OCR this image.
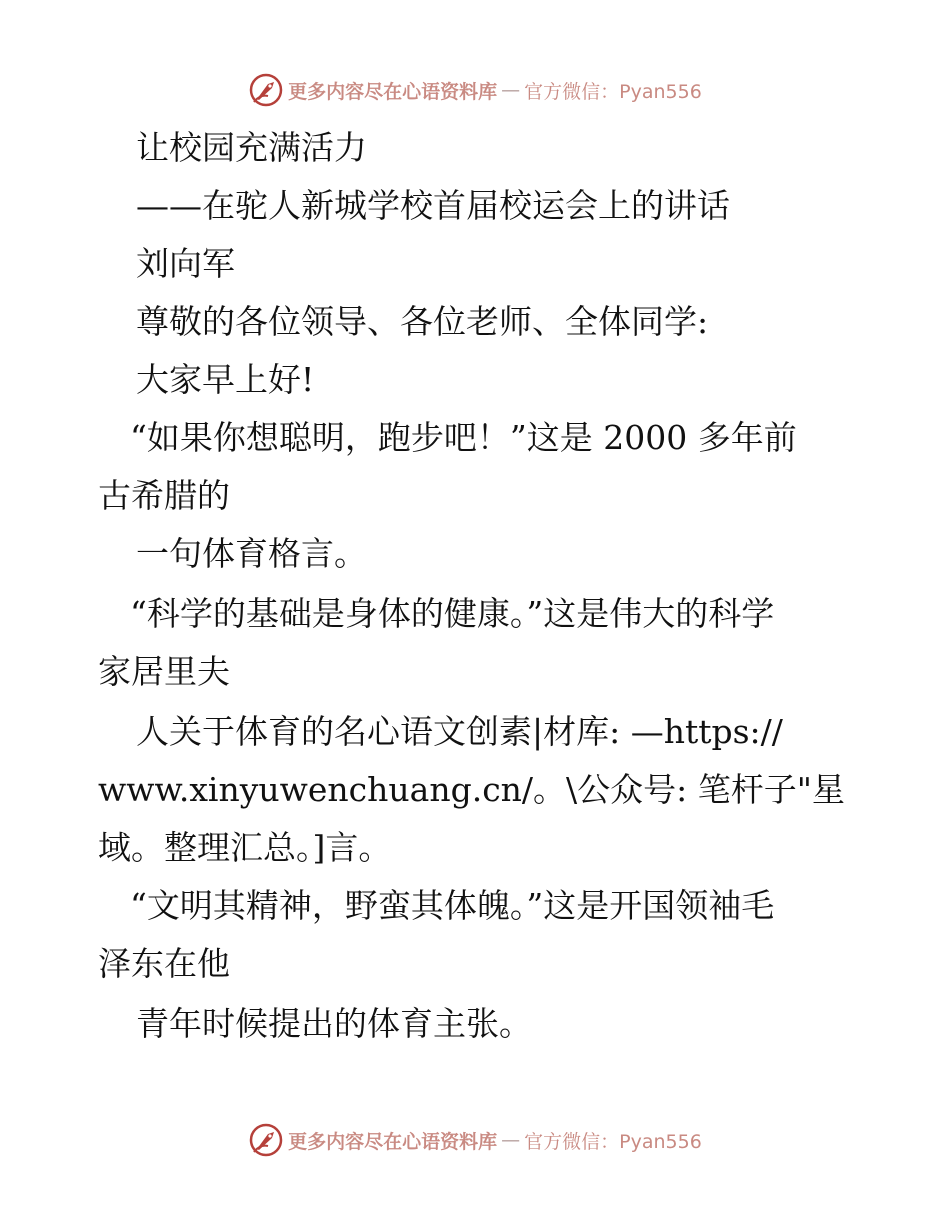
更多内容尽在心语资料库 — 官方微信：Pyan556
让校园充满活力
——在驼人新城学校首届校运会上的讲话
刘向军
尊敬的各位领导、各位老师、全体同学:
大家早上好!
“如果你想聪明，跑步吧！”这是 2000 多年前
古希腊的
一句体育格言。
“科学的基础是身体的健康。”这是伟大的科学
家居里夫
人关于体育的名心语文创素|材库: —https://
www.xinyuwenchuang.cn/。\公众号: 笔杆子"星
域。整理汇总。]言。
“文明其精神，野蛮其体魄。”这是开国领袖毛
泽东在他
青年时候提出的体育主张。
更多内容尽在心语资料库 — 官方微信：Pyan556
